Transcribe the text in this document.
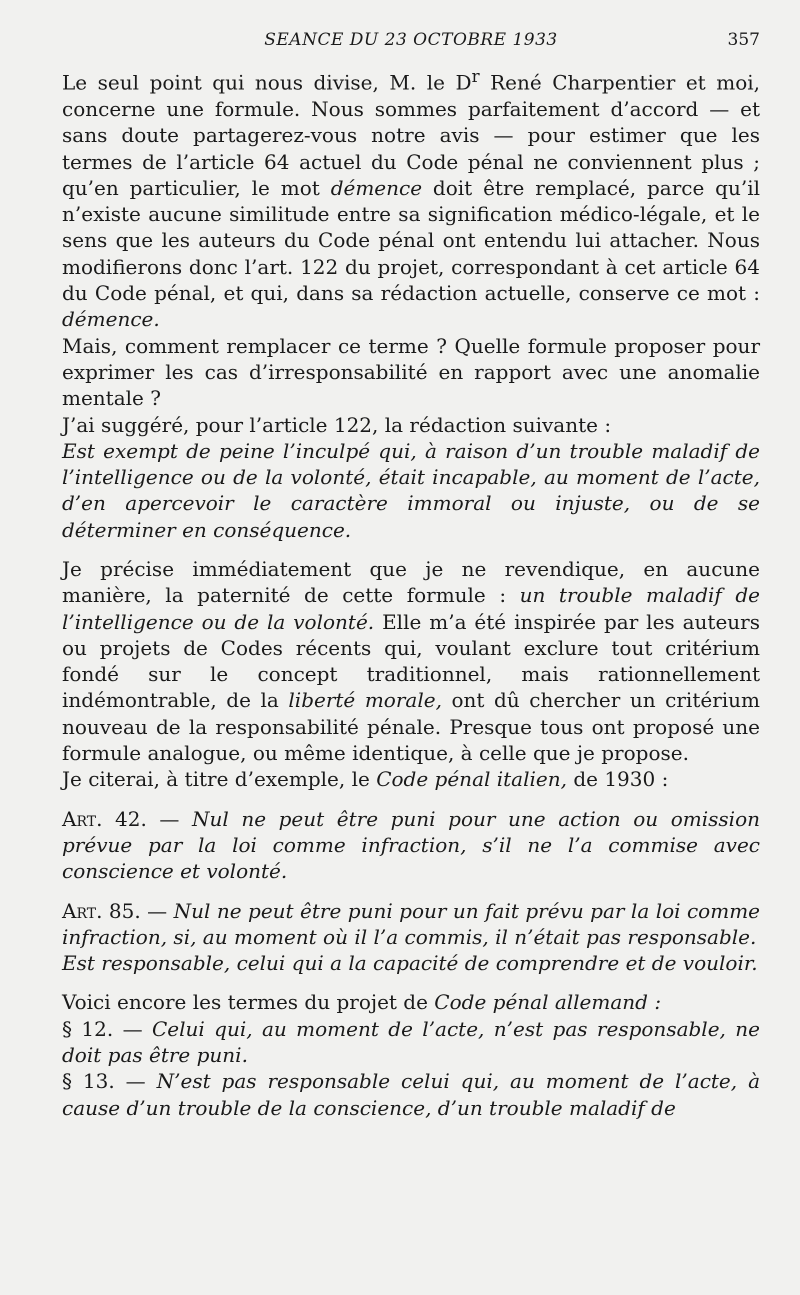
SEANCE DU 23 OCTOBRE 1933	357

Le seul point qui nous divise, M. le $D^r$ René Charpentier et moi, concerne une formule. Nous sommes parfaitement d’accord — et sans doute partagerez-vous notre avis — pour estimer que les termes de l’article 64 actuel du Code pénal ne conviennent plus ; qu’en particulier, le mot démence doit être remplacé, parce qu’il n’existe aucune similitude entre sa signification médico-légale, et le sens que les auteurs du Code pénal ont entendu lui attacher. Nous modifierons donc l’art. 122 du projet, correspondant à cet article 64 du Code pénal, et qui, dans sa rédaction actuelle, conserve ce mot : démence.

Mais, comment remplacer ce terme ? Quelle formule proposer pour exprimer les cas d’irresponsabilité en rapport avec une anomalie mentale ?

J’ai suggéré, pour l’article 122, la rédaction suivante :

Est exempt de peine l’inculpé qui, à raison d’un trouble maladif de l’intelligence ou de la volonté, était incapable, au moment de l’acte, d’en apercevoir le caractère immoral ou injuste, ou de se déterminer en conséquence.

Je précise immédiatement que je ne revendique, en aucune manière, la paternité de cette formule : un trouble maladif de l’intelligence ou de la volonté. Elle m’a été inspirée par les auteurs ou projets de Codes récents qui, voulant exclure tout critérium fondé sur le concept traditionnel, mais rationnellement indémontrable, de la liberté morale, ont dû chercher un critérium nouveau de la responsabilité pénale. Presque tous ont proposé une formule analogue, ou même identique, à celle que je propose.

Je citerai, à titre d’exemple, le Code pénal italien, de 1930 :

Art. 42. — Nul ne peut être puni pour une action ou omission prévue par la loi comme infraction, s’il ne l’a commise avec conscience et volonté.

Art. 85. — Nul ne peut être puni pour un fait prévu par la loi comme infraction, si, au moment où il l’a commis, il n’était pas responsable.

Est responsable, celui qui a la capacité de comprendre et de vouloir.

Voici encore les termes du projet de Code pénal allemand :

§ 12. — Celui qui, au moment de l’acte, n’est pas responsable, ne doit pas être puni.

§ 13. — N’est pas responsable celui qui, au moment de l’acte, à cause d’un trouble de la conscience, d’un trouble maladif de
